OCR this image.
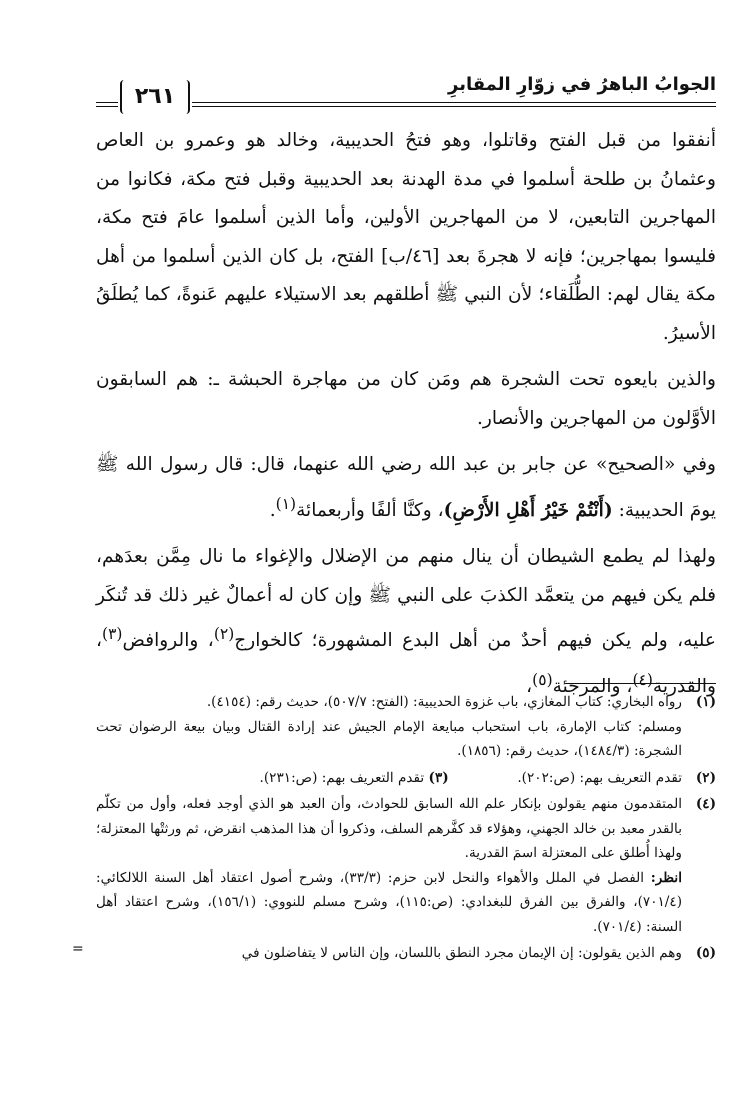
الجوابُ الباهرُ في زوّارِ المقابرِ
٢٦١

أنفقوا من قبل الفتح وقاتلوا، وهو فتحُ الحديبية، وخالد هو وعمرو بن العاص وعثمانُ بن طلحة أسلموا في مدة الهدنة بعد الحديبية وقبل فتح مكة، فكانوا من المهاجرين التابعين، لا من المهاجرين الأولين، وأما الذين أسلموا عامَ فتح مكة، فليسوا بمهاجرين؛ فإنه لا هجرةَ بعد [٤٦/ب] الفتح، بل كان الذين أسلموا من أهل مكة يقال لهم: الطُّلَقاء؛ لأن النبي ﷺ أطلقهم بعد الاستيلاء عليهم عَنوةً، كما يُطلَقُ الأسيرُ.

والذين بايعوه تحت الشجرة هم ومَن كان من مهاجرة الحبشة ـ: هم السابقون الأوَّلون من المهاجرين والأنصار.

وفي «الصحيح» عن جابر بن عبد الله رضي الله عنهما، قال: قال رسول الله ﷺ يومَ الحديبية: (أَنْتُمْ خَيْرُ أَهْلِ الأَرْضِ)، وكنَّا ألفًا وأربعمائة$^{(١)}$.

ولهذا لم يطمع الشيطان أن ينال منهم من الإضلال والإغواء ما نال مِمَّن بعدَهم، فلم يكن فيهم من يتعمَّد الكذبَ على النبي ﷺ وإن كان له أعمالٌ غير ذلك قد تُنكَر عليه، ولم يكن فيهم أحدٌ من أهل البدع المشهورة؛ كالخوارج$^{(٢)}$، والروافض$^{(٣)}$، والقدرية$^{(٤)}$، والمرجئة$^{(٥)}$،

(١)
رواه البخاري: كتاب المغازي، باب غزوة الحديبية: (الفتح: ٥٠٧/٧)، حديث رقم: (٤١٥٤).
ومسلم: كتاب الإمارة، باب استحباب مبايعة الإمام الجيش عند إرادة القتال وبيان بيعة الرضوان تحت الشجرة: (١٤٨٤/٣)، حديث رقم: (١٨٥٦).
(٢)
تقدم التعريف بهم: (ص:٢٠٢).  (٣) تقدم التعريف بهم: (ص:٢٣١).
(٤)
المتقدمون منهم يقولون بإنكار علم الله السابق للحوادث، وأن العبد هو الذي أوجد فعله، وأول من تكلّم بالقدر معبد بن خالد الجهني، وهؤلاء قد كفَّرهم السلف، وذكروا أن هذا المذهب انقرض، ثم ورثتْها المعتزلة؛ ولهذا أُطلق على المعتزلة اسمَ القدرية.
انظر: الفصل في الملل والأهواء والنحل لابن حزم: (٣٣/٣)، وشرح أصول اعتقاد أهل السنة اللالكائي: (٧٠١/٤)، والفرق بين الفرق للبغدادي: (ص:١١٥)، وشرح مسلم للنووي: (١٥٦/١)، وشرح اعتقاد أهل السنة: (٧٠١/٤).
(٥)
وهم الذين يقولون: إن الإيمان مجرد النطق باللسان، وإن الناس لا يتفاضلون في
=
